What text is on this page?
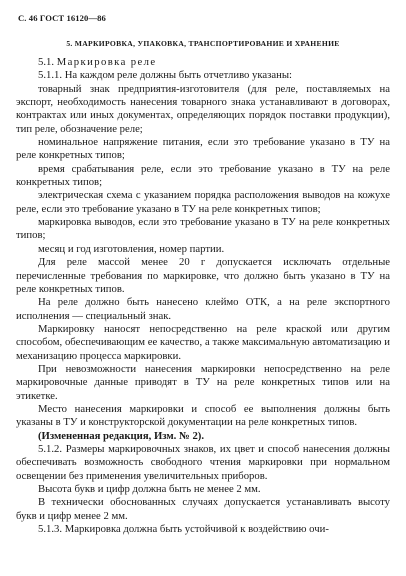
С. 46 ГОСТ 16120—86
5. МАРКИРОВКА, УПАКОВКА, ТРАНСПОРТИРОВАНИЕ И ХРАНЕНИЕ

5.1. Маркировка реле

5.1.1. На каждом реле должны быть отчетливо указаны:

товарный знак предприятия-изготовителя (для реле, поставляемых на экспорт, необходимость нанесения товарного знака устанавливают в договорах, контрактах или иных документах, определяющих порядок поставки продукции), тип реле, обозначение реле;

номинальное напряжение питания, если это требование указано в ТУ на реле конкретных типов;

время срабатывания реле, если это требование указано в ТУ на реле конкретных типов;

электрическая схема с указанием порядка расположения выводов на кожухе реле, если это требование указано в ТУ на реле конкретных типов;

маркировка выводов, если это требование указано в ТУ на реле конкретных типов;

месяц и год изготовления, номер партии.

Для реле массой менее 20 г допускается исключать отдельные перечисленные требования по маркировке, что должно быть указано в ТУ на реле конкретных типов.

На реле должно быть нанесено клеймо ОТК, а на реле экспортного исполнения — специальный знак.

Маркировку наносят непосредственно на реле краской или другим способом, обеспечивающим ее качество, а также максимальную автоматизацию и механизацию процесса маркировки.

При невозможности нанесения маркировки непосредственно на реле маркировочные данные приводят в ТУ на реле конкретных типов или на этикетке.

Место нанесения маркировки и способ ее выполнения должны быть указаны в ТУ и конструкторской документации на реле конкретных типов.

(Измененная редакция, Изм. № 2).

5.1.2. Размеры маркировочных знаков, их цвет и способ нанесения должны обеспечивать возможность свободного чтения маркировки при нормальном освещении без применения увеличительных приборов.

Высота букв и цифр должна быть не менее 2 мм.

В технически обоснованных случаях допускается устанавливать высоту букв и цифр менее 2 мм.

5.1.3. Маркировка должна быть устойчивой к воздействию очи-
